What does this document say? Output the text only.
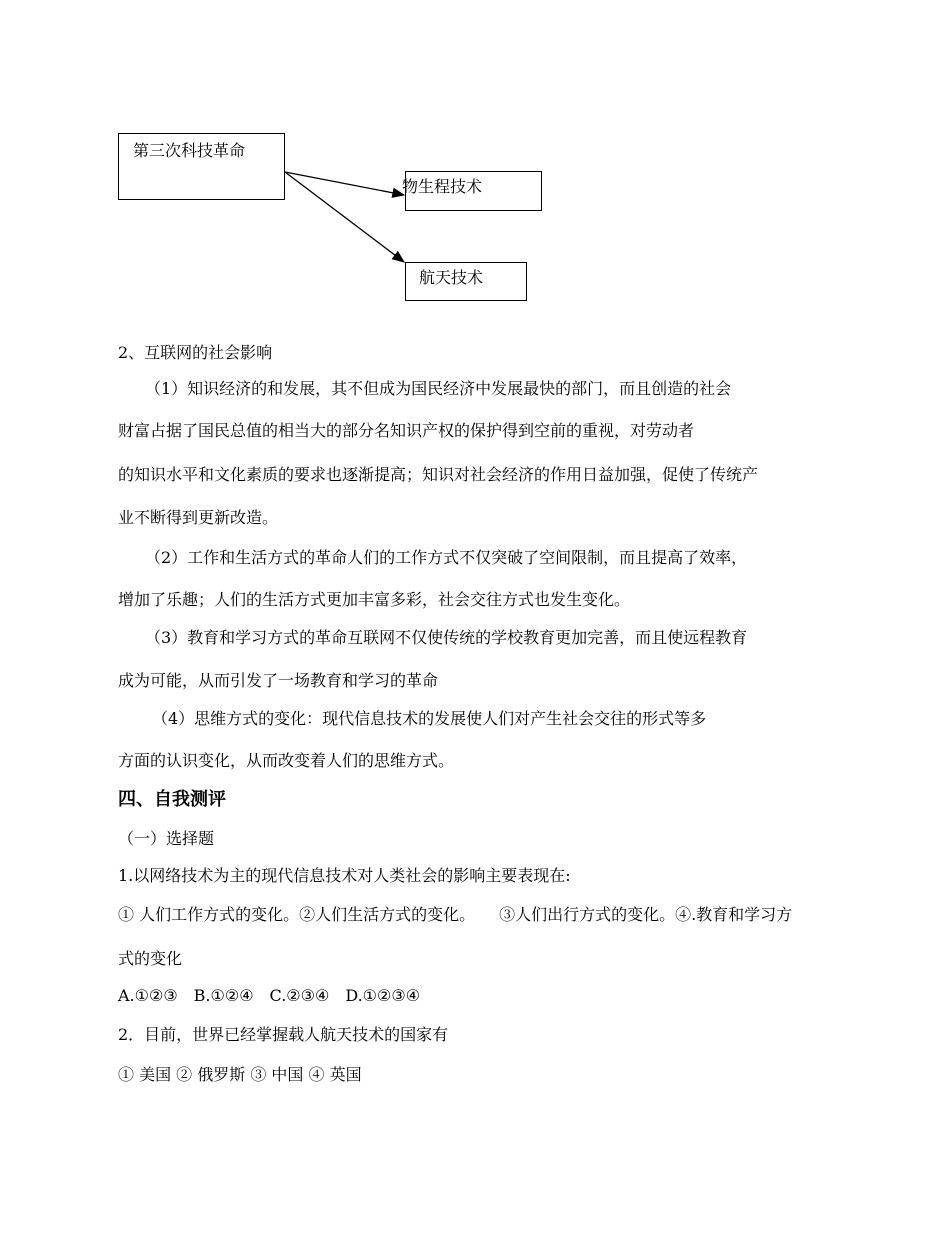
第三次科技革命
物生程技术
航天技术
2、互联网的社会影响
（1）知识经济的和发展，其不但成为国民经济中发展最快的部门，而且创造的社会
财富占据了国民总值的相当大的部分名知识产权的保护得到空前的重视，对劳动者
的知识水平和文化素质的要求也逐渐提高；知识对社会经济的作用日益加强，促使了传统产
业不断得到更新改造。
（2）工作和生活方式的革命人们的工作方式不仅突破了空间限制，而且提高了效率，
增加了乐趣；人们的生活方式更加丰富多彩，社会交往方式也发生变化。
（3）教育和学习方式的革命互联网不仅使传统的学校教育更加完善，而且使远程教育
成为可能，从而引发了一场教育和学习的革命
（4）思维方式的变化：现代信息技术的发展使人们对产生社会交往的形式等多
方面的认识变化，从而改变着人们的思维方式。
四、自我测评
（一）选择题
1.以网络技术为主的现代信息技术对人类社会的影响主要表现在:
① 人们工作方式的变化。②人们生活方式的变化。　　③人们出行方式的变化。④.教育和学习方
式的变化
A.①②③　B.①②④　C.②③④　D.①②③④
2．目前，世界已经掌握载人航天技术的国家有
① 美国 ② 俄罗斯 ③ 中国 ④ 英国
